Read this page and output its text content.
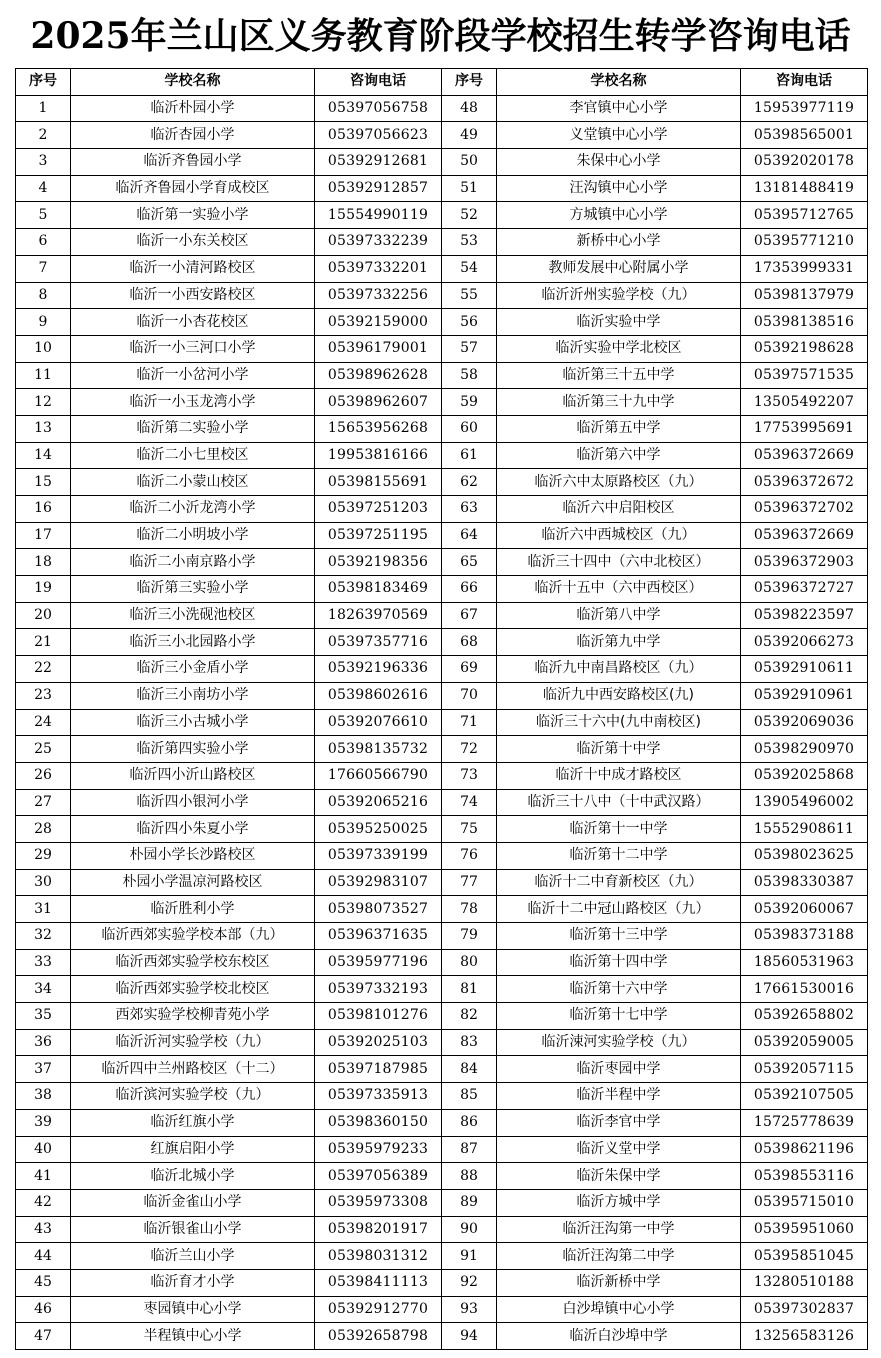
2025年兰山区义务教育阶段学校招生转学咨询电话
序号	学校名称	咨询电话	序号	学校名称	咨询电话
1	临沂朴园小学	05397056758	48	李官镇中心小学	15953977119
2	临沂杏园小学	05397056623	49	义堂镇中心小学	05398565001
3	临沂齐鲁园小学	05392912681	50	朱保中心小学	05392020178
4	临沂齐鲁园小学育成校区	05392912857	51	汪沟镇中心小学	13181488419
5	临沂第一实验小学	15554990119	52	方城镇中心小学	05395712765
6	临沂一小东关校区	05397332239	53	新桥中心小学	05395771210
7	临沂一小清河路校区	05397332201	54	教师发展中心附属小学	17353999331
8	临沂一小西安路校区	05397332256	55	临沂沂州实验学校（九）	05398137979
9	临沂一小杏花校区	05392159000	56	临沂实验中学	05398138516
10	临沂一小三河口小学	05396179001	57	临沂实验中学北校区	05392198628
11	临沂一小岔河小学	05398962628	58	临沂第三十五中学	05397571535
12	临沂一小玉龙湾小学	05398962607	59	临沂第三十九中学	13505492207
13	临沂第二实验小学	15653956268	60	临沂第五中学	17753995691
14	临沂二小七里校区	19953816166	61	临沂第六中学	05396372669
15	临沂二小蒙山校区	05398155691	62	临沂六中太原路校区（九）	05396372672
16	临沂二小沂龙湾小学	05397251203	63	临沂六中启阳校区	05396372702
17	临沂二小明坡小学	05397251195	64	临沂六中西城校区（九）	05396372669
18	临沂二小南京路小学	05392198356	65	临沂三十四中（六中北校区）	05396372903
19	临沂第三实验小学	05398183469	66	临沂十五中（六中西校区）	05396372727
20	临沂三小洗砚池校区	18263970569	67	临沂第八中学	05398223597
21	临沂三小北园路小学	05397357716	68	临沂第九中学	05392066273
22	临沂三小金盾小学	05392196336	69	临沂九中南昌路校区（九）	05392910611
23	临沂三小南坊小学	05398602616	70	临沂九中西安路校区(九)	05392910961
24	临沂三小古城小学	05392076610	71	临沂三十六中(九中南校区)	05392069036
25	临沂第四实验小学	05398135732	72	临沂第十中学	05398290970
26	临沂四小沂山路校区	17660566790	73	临沂十中成才路校区	05392025868
27	临沂四小银河小学	05392065216	74	临沂三十八中（十中武汉路）	13905496002
28	临沂四小朱夏小学	05395250025	75	临沂第十一中学	15552908611
29	朴园小学长沙路校区	05397339199	76	临沂第十二中学	05398023625
30	朴园小学温凉河路校区	05392983107	77	临沂十二中育新校区（九）	05398330387
31	临沂胜利小学	05398073527	78	临沂十二中冠山路校区（九）	05392060067
32	临沂西郊实验学校本部（九）	05396371635	79	临沂第十三中学	05398373188
33	临沂西郊实验学校东校区	05395977196	80	临沂第十四中学	18560531963
34	临沂西郊实验学校北校区	05397332193	81	临沂第十六中学	17661530016
35	西郊实验学校柳青苑小学	05398101276	82	临沂第十七中学	05392658802
36	临沂沂河实验学校（九）	05392025103	83	临沂涑河实验学校（九）	05392059005
37	临沂四中兰州路校区（十二）	05397187985	84	临沂枣园中学	05392057115
38	临沂滨河实验学校（九）	05397335913	85	临沂半程中学	05392107505
39	临沂红旗小学	05398360150	86	临沂李官中学	15725778639
40	红旗启阳小学	05395979233	87	临沂义堂中学	05398621196
41	临沂北城小学	05397056389	88	临沂朱保中学	05398553116
42	临沂金雀山小学	05395973308	89	临沂方城中学	05395715010
43	临沂银雀山小学	05398201917	90	临沂汪沟第一中学	05395951060
44	临沂兰山小学	05398031312	91	临沂汪沟第二中学	05395851045
45	临沂育才小学	05398411113	92	临沂新桥中学	13280510188
46	枣园镇中心小学	05392912770	93	白沙埠镇中心小学	05397302837
47	半程镇中心小学	05392658798	94	临沂白沙埠中学	13256583126
